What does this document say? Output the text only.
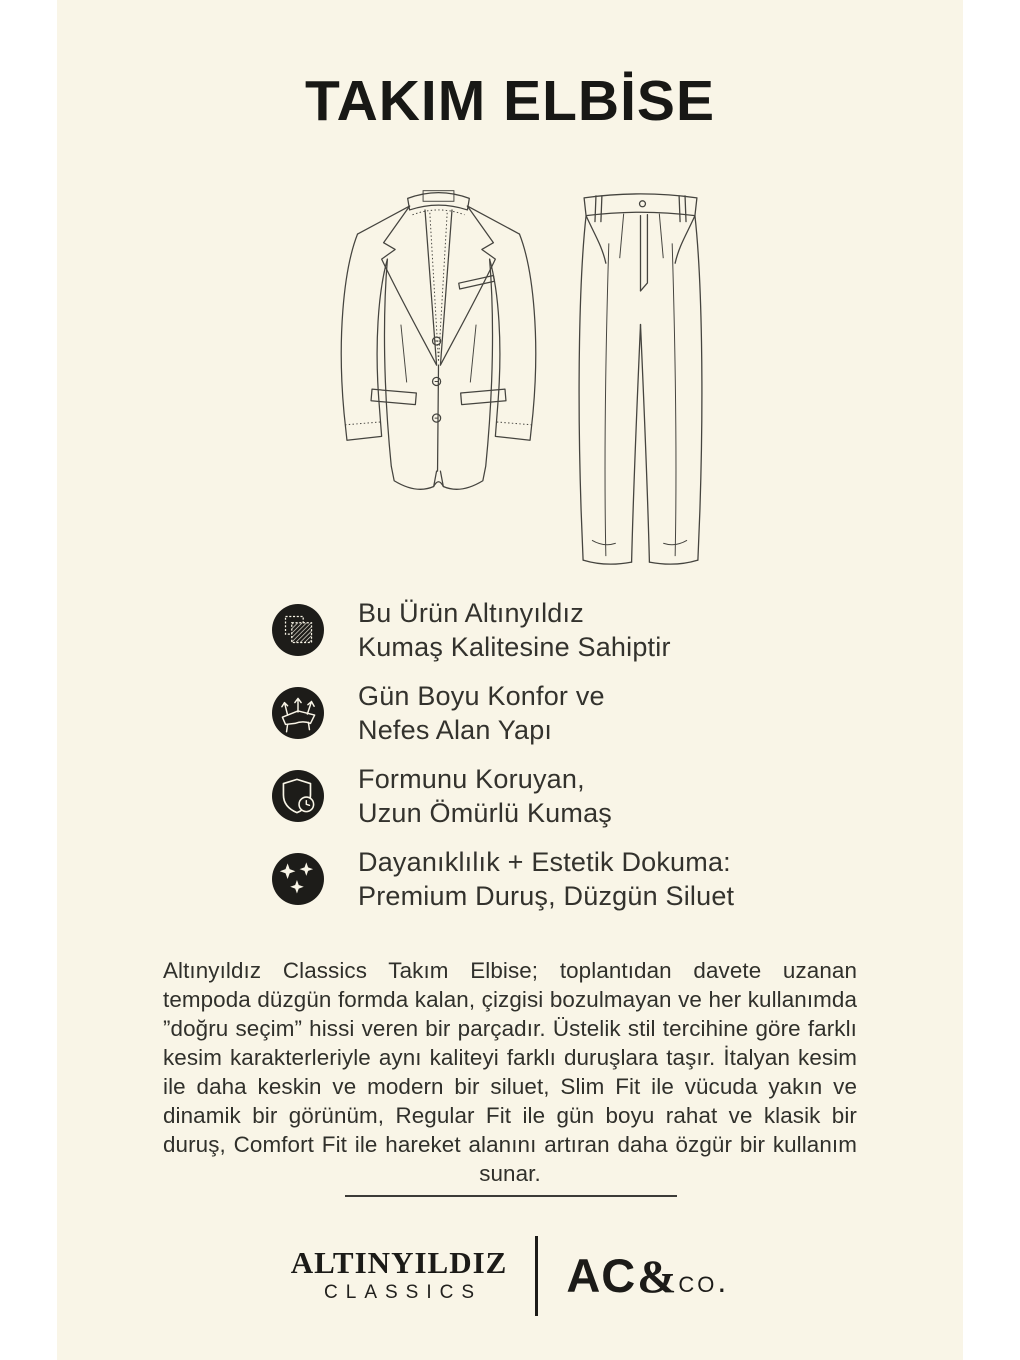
TAKIM ELBİSE
Bu Ürün Altınyıldız
Kumaş Kalitesine Sahiptir
Gün Boyu Konfor ve
Nefes Alan Yapı
Formunu Koruyan,
Uzun Ömürlü Kumaş
Dayanıklılık + Estetik Dokuma:
Premium Duruş, Düzgün Siluet
Altınyıldız Classics Takım Elbise; toplantıdan davete uzanan tempoda düzgün formda kalan, çizgisi bozulmayan ve her kullanımda ”doğru seçim” hissi veren bir parçadır. Üstelik stil tercihine göre farklı kesim karakterleriyle aynı kaliteyi farklı duruşlara taşır. İtalyan kesim ile daha keskin ve modern bir siluet, Slim Fit ile vücuda yakın ve dinamik bir görünüm, Regular Fit ile gün boyu rahat ve klasik bir duruş, Comfort Fit ile hareket alanını artıran daha özgür bir kullanım sunar.
ALTINYILDIZ
CLASSICS	AC & co.
